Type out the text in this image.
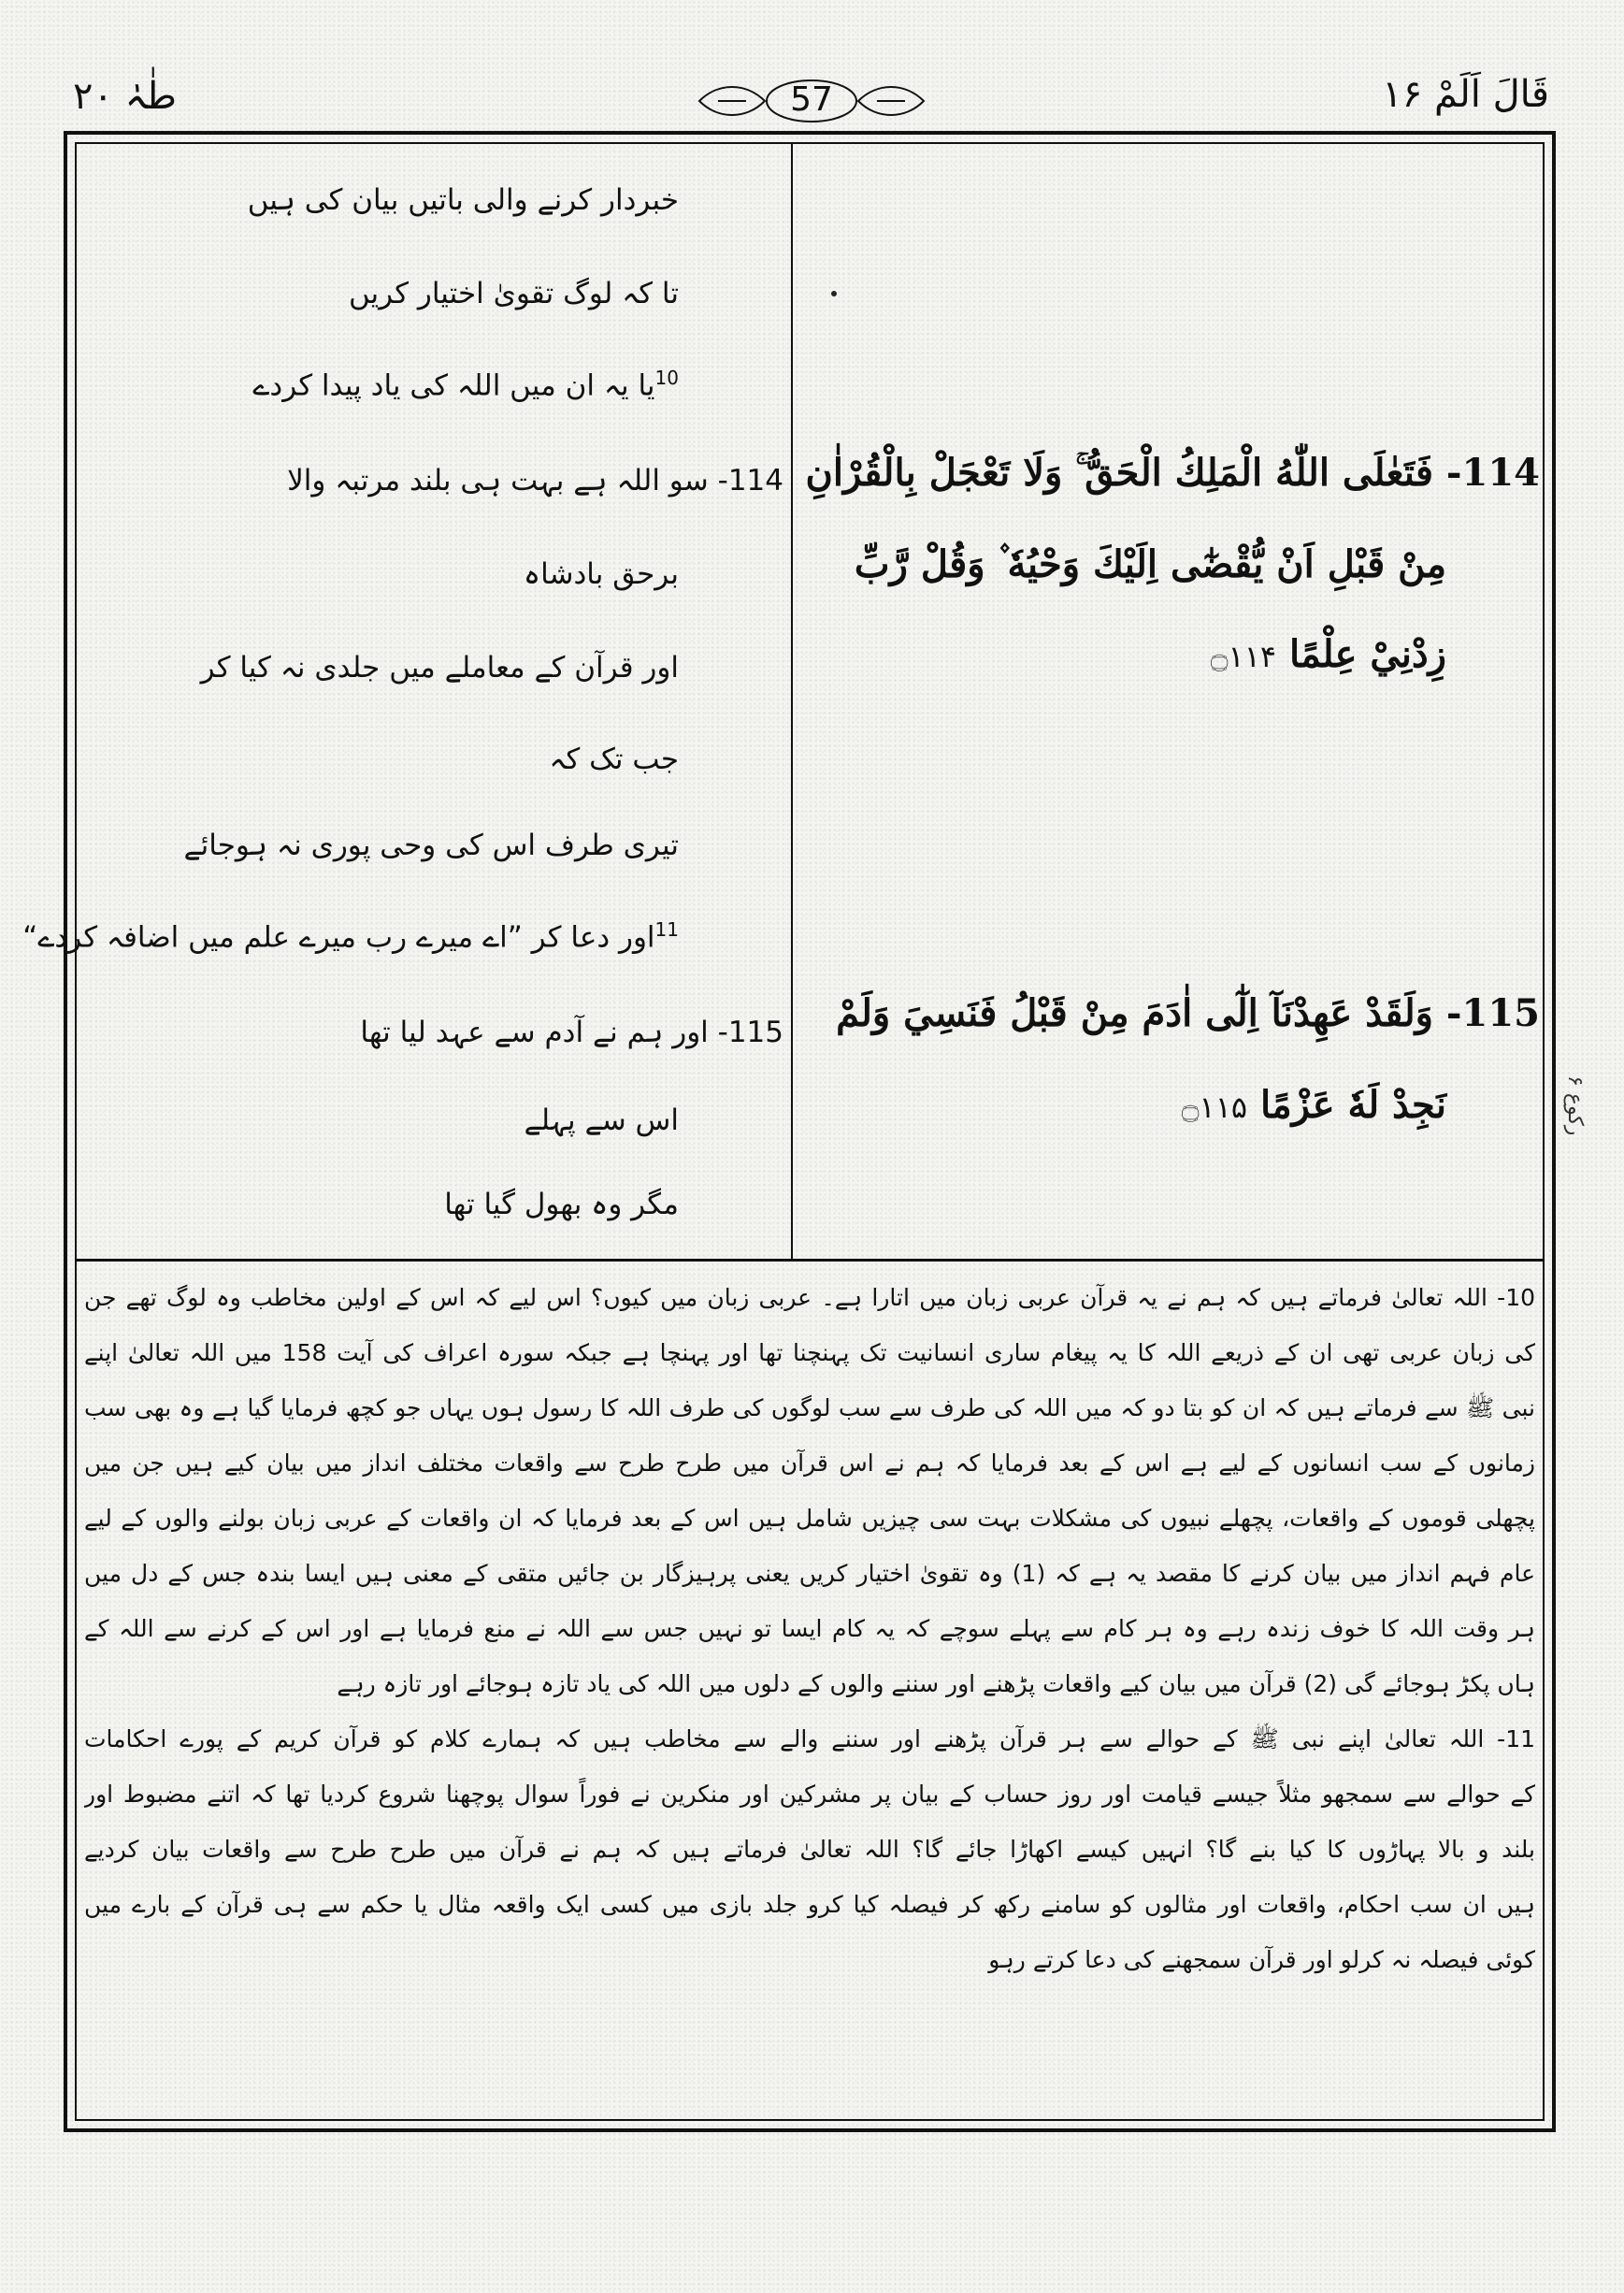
طٰہٰ ۲۰	57	قَالَ اَلَمْ ۱۶
خبردار کرنے والی باتیں بیان کی ہیں
تا کہ لوگ تقویٰ اختیار کریں
$^{10}$یا یہ ان میں اللہ کی یاد پیدا کردے
114- سو اللہ ہے بہت ہی بلند مرتبہ والا
برحق بادشاہ
اور قرآن کے معاملے میں جلدی نہ کیا کر
جب تک کہ
تیری طرف اس کی وحی پوری نہ ہوجائے
$^{11}$اور دعا کر ”اے میرے رب میرے علم میں اضافہ کردے“
115- اور ہم نے آدم سے عہد لیا تھا
اس سے پہلے
مگر وہ بھول گیا تھا
114- فَتَعٰلَى اللّٰهُ الْمَلِكُ الْحَقُّ ۚ وَلَا تَعْجَلْ بِالْقُرْاٰنِ
مِنْ قَبْلِ اَنْ يُّقْضٰٓى اِلَيْكَ وَحْيُهٗ ۫ وَقُلْ رَّبِّ
زِدْنِيْ عِلْمًا ۝۱۱۴
115- وَلَقَدْ عَهِدْنَآ اِلٰٓى اٰدَمَ مِنْ قَبْلُ فَنَسِيَ وَلَمْ
نَجِدْ لَهٗ عَزْمًا ۝۱۱۵
رکوع ۶
10- اللہ تعالیٰ فرماتے ہیں کہ ہم نے یہ قرآن عربی زبان میں اتارا ہے۔ عربی زبان میں کیوں؟ اس لیے کہ اس کے اولین مخاطب وہ لوگ تھے جن
کی زبان عربی تھی ان کے ذریعے اللہ کا یہ پیغام ساری انسانیت تک پہنچنا تھا اور پہنچا ہے جبکہ سورہ اعراف کی آیت 158 میں اللہ تعالیٰ اپنے
نبی ﷺ سے فرماتے ہیں کہ ان کو بتا دو کہ میں اللہ کی طرف سے سب لوگوں کی طرف اللہ کا رسول ہوں یہاں جو کچھ فرمایا گیا ہے وہ بھی سب
زمانوں کے سب انسانوں کے لیے ہے اس کے بعد فرمایا کہ ہم نے اس قرآن میں طرح طرح سے واقعات مختلف انداز میں بیان کیے ہیں جن میں
پچھلی قوموں کے واقعات، پچھلے نبیوں کی مشکلات بہت سی چیزیں شامل ہیں اس کے بعد فرمایا کہ ان واقعات کے عربی زبان بولنے والوں کے لیے
عام فہم انداز میں بیان کرنے کا مقصد یہ ہے کہ (1) وہ تقویٰ اختیار کریں یعنی پرہیزگار بن جائیں متقی کے معنی ہیں ایسا بندہ جس کے دل میں
ہر وقت اللہ کا خوف زندہ رہے وہ ہر کام سے پہلے سوچے کہ یہ کام ایسا تو نہیں جس سے اللہ نے منع فرمایا ہے اور اس کے کرنے سے اللہ کے
ہاں پکڑ ہوجائے گی (2) قرآن میں بیان کیے واقعات پڑھنے اور سننے والوں کے دلوں میں اللہ کی یاد تازہ ہوجائے اور تازہ رہے
11- اللہ تعالیٰ اپنے نبی ﷺ کے حوالے سے ہر قرآن پڑھنے اور سننے والے سے مخاطب ہیں کہ ہمارے کلام کو قرآن کریم کے پورے احکامات
کے حوالے سے سمجھو مثلاً جیسے قیامت اور روز حساب کے بیان پر مشرکین اور منکرین نے فوراً سوال پوچھنا شروع کردیا تھا کہ اتنے مضبوط اور
بلند و بالا پہاڑوں کا کیا بنے گا؟ انہیں کیسے اکھاڑا جائے گا؟ اللہ تعالیٰ فرماتے ہیں کہ ہم نے قرآن میں طرح طرح سے واقعات بیان کردیے
ہیں ان سب احکام، واقعات اور مثالوں کو سامنے رکھ کر فیصلہ کیا کرو جلد بازی میں کسی ایک واقعہ مثال یا حکم سے ہی قرآن کے بارے میں
کوئی فیصلہ نہ کرلو اور قرآن سمجھنے کی دعا کرتے رہو
